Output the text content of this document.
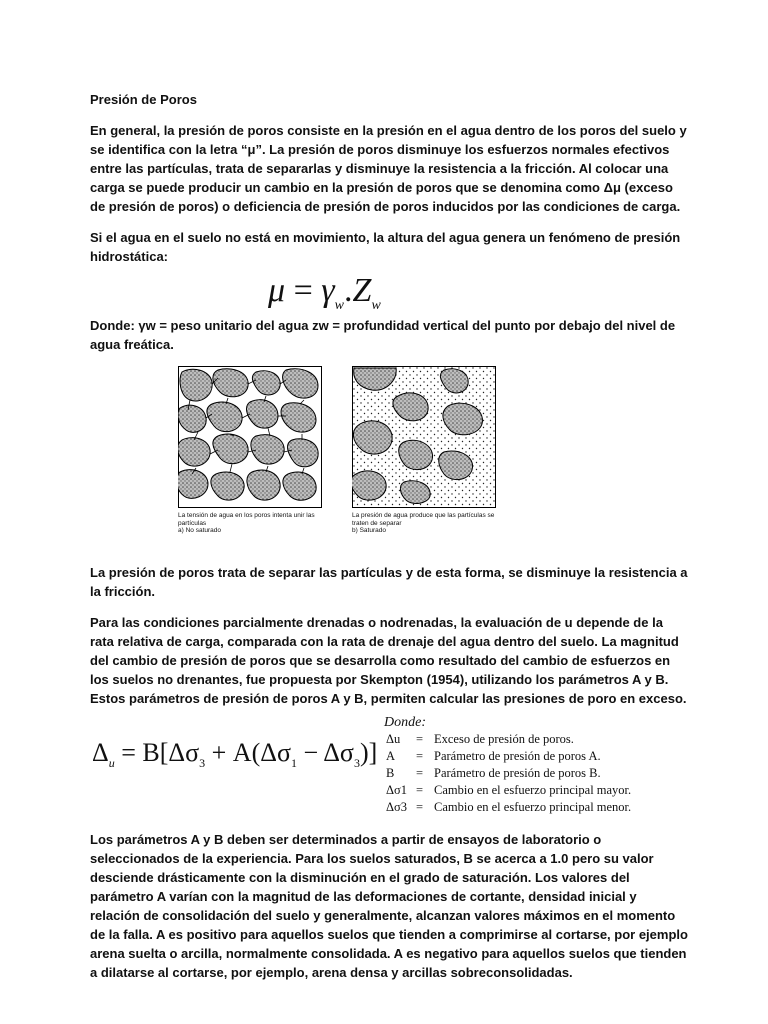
Presión de Poros

En general, la presión de poros consiste en la presión en el agua dentro de los poros del suelo y se identifica con la letra “μ”. La presión de poros disminuye los esfuerzos normales efectivos entre las partículas, trata de separarlas y disminuye la resistencia a la fricción. Al colocar una carga se puede producir un cambio en la presión de poros que se denomina como Δμ (exceso de presión de poros) o deficiencia de presión de poros inducidos por las condiciones de carga.

Si el agua en el suelo no está en movimiento, la altura del agua genera un fenómeno de presión hidrostática:

$\mu = \gamma_w.Z_w$

Donde: γw = peso unitario del agua zw = profundidad vertical del punto por debajo del nivel de agua freática.

La tensión de agua en los poros intenta unir las partículas
a) No saturado
La presión de agua produce que las partículas se traten de separar
b) Saturado

La presión de poros trata de separar las partículas y de esta forma, se disminuye la resistencia a la fricción.

Para las condiciones parcialmente drenadas o nodrenadas, la evaluación de u depende de la rata relativa de carga, comparada con la rata de drenaje del agua dentro del suelo. La magnitud del cambio de presión de poros que se desarrolla como resultado del cambio de esfuerzos en los suelos no drenantes, fue propuesta por Skempton (1954), utilizando los parámetros A y B. Estos parámetros de presión de poros A y B, permiten calcular las presiones de poro en exceso.

$\Delta_u = B[\Delta\sigma_3 + A(\Delta\sigma_1 - \Delta\sigma_3)]$
Donde:
Δu	= Exceso de presión de poros.
A	= Parámetro de presión de poros A.
B	= Parámetro de presión de poros B.
Δσ1 = Cambio en el esfuerzo principal mayor.
Δσ3 = Cambio en el esfuerzo principal menor.

Los parámetros A y B deben ser determinados a partir de ensayos de laboratorio o seleccionados de la experiencia. Para los suelos saturados, B se acerca a 1.0 pero su valor desciende drásticamente con la disminución en el grado de saturación. Los valores del parámetro A varían con la magnitud de las deformaciones de cortante, densidad inicial y relación de consolidación del suelo y generalmente, alcanzan valores máximos en el momento de la falla. A es positivo para aquellos suelos que tienden a comprimirse al cortarse, por ejemplo arena suelta o arcilla, normalmente consolidada. A es negativo para aquellos suelos que tienden a dilatarse al cortarse, por ejemplo, arena densa y arcillas sobreconsolidadas.
